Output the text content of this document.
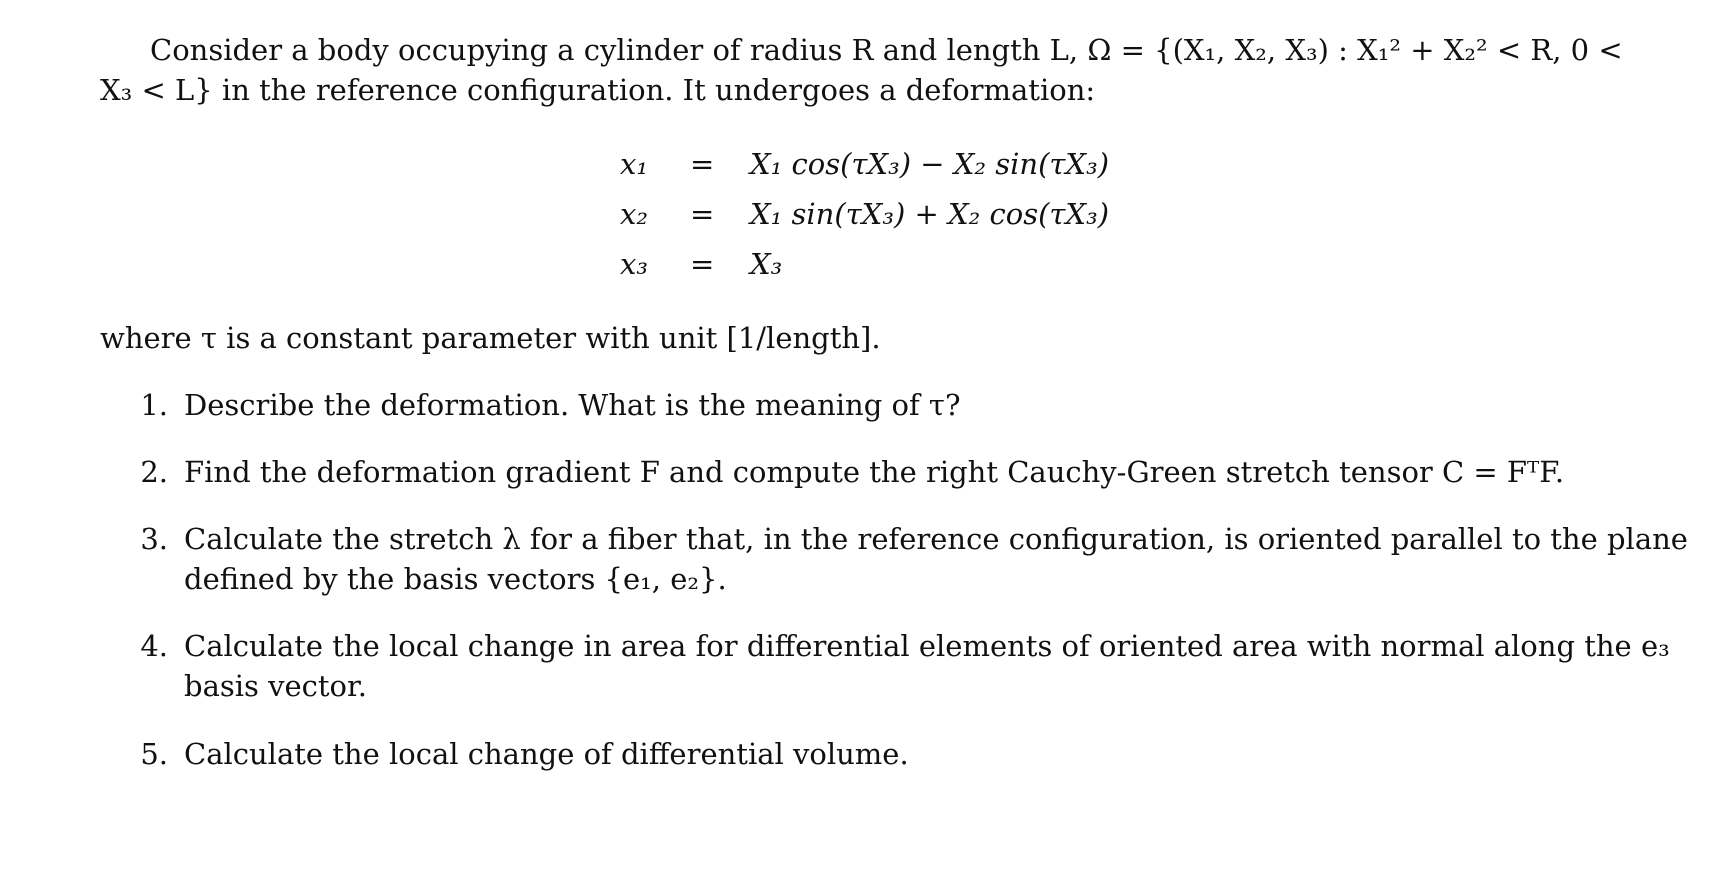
Consider a body occupying a cylinder of radius R and length L, Ω = {(X₁, X₂, X₃) : X₁² + X₂² < R, 0 <
X₃ < L} in the reference configuration. It undergoes a deformation:
x₁ = X₁ cos(τX₃) − X₂ sin(τX₃)
x₂ = X₁ sin(τX₃) + X₂ cos(τX₃)
x₃ = X₃
where τ is a constant parameter with unit [1/length].
1. Describe the deformation. What is the meaning of τ?
2. Find the deformation gradient F and compute the right Cauchy-Green stretch tensor C = FᵀF.
3. Calculate the stretch λ for a fiber that, in the reference configuration, is oriented parallel to the plane
defined by the basis vectors {e₁, e₂}.
4. Calculate the local change in area for differential elements of oriented area with normal along the e₃
basis vector.
5. Calculate the local change of differential volume.
